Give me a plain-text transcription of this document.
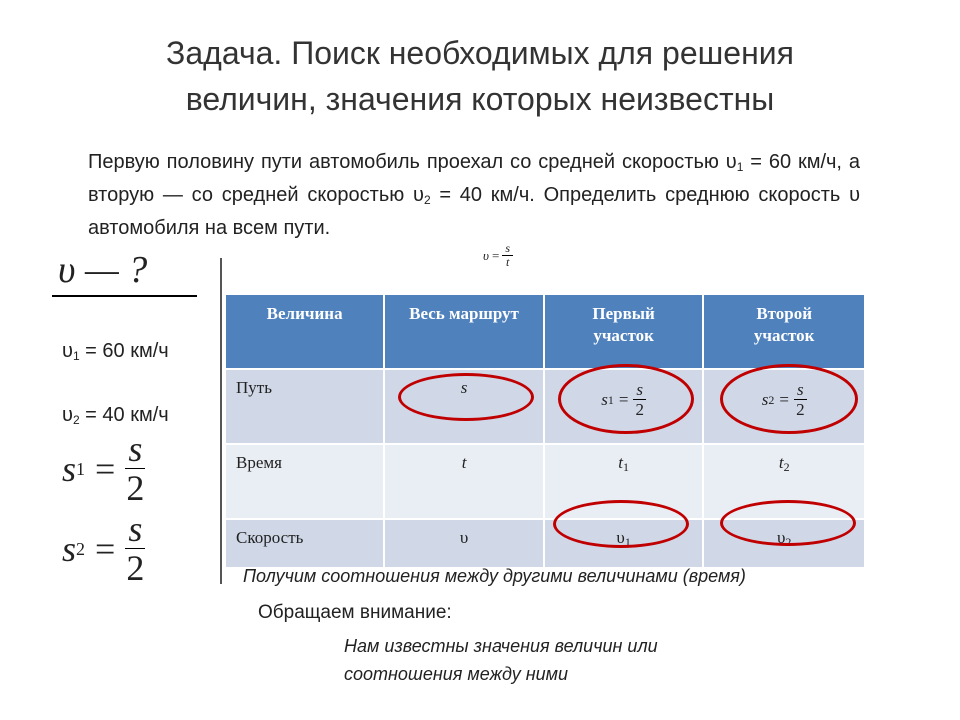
Задача. Поиск необходимых для решения
величин, значения которых неизвестны
Первую половину пути автомобиль проехал со средней скоростью $\upsilon_1 = 60$ км/ч, а вторую — со средней скоростью $\upsilon_2 = 40$ км/ч. Определить среднюю скорость υ автомобиля на всем пути.
υ — ?
$\upsilon_1 = 60$ км/ч
$\upsilon_2 = 40$ км/ч
s $1 = \frac{s}{2}$
s $2 = \frac{s}{2}$
$\upsilon = \frac{s}{t}$
Величина	Весь маршрут	Первый участок	Второй участок
Путь	s	s $1 = \frac{s}{2}$	s $2 = \frac{s}{2}$

Время	t	$t_1$	$t_2$
Скорость	υ	$\upsilon_1$	$\upsilon_2$
Получим соотношения между другими величинами (время)
Обращаем внимание:
Нам известны значения величин или
соотношения между ними
